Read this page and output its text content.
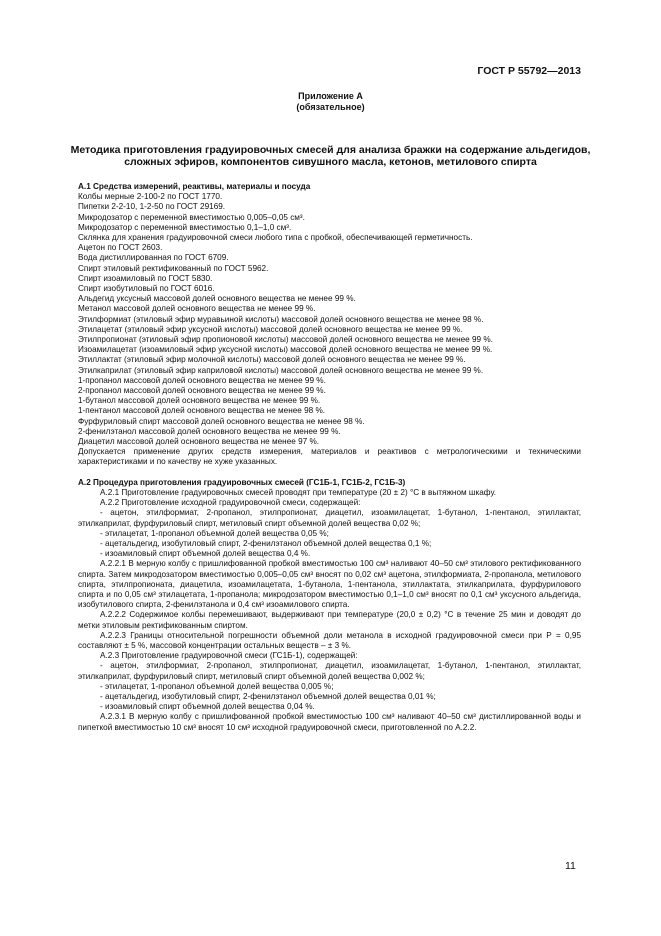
ГОСТ Р 55792—2013
Приложение А
(обязательное)
Методика приготовления градуировочных смесей для анализа бражки на содержание альдегидов, сложных эфиров, компонентов сивушного масла, кетонов, метилового спирта

А.1 Средства измерений, реактивы, материалы и посуда

Колбы мерные 2-100-2 по ГОСТ 1770.

Пипетки 2-2-10, 1-2-50 по ГОСТ 29169.

Микродозатор с переменной вместимостью 0,005–0,05 см³.

Микродозатор с переменной вместимостью 0,1–1,0 см³.

Склянка для хранения градуировочной смеси любого типа с пробкой, обеспечивающей герметичность.

Ацетон по ГОСТ 2603.

Вода дистиллированная по ГОСТ 6709.

Спирт этиловый ректификованный по ГОСТ 5962.

Спирт изоамиловый по ГОСТ 5830.

Спирт изобутиловый по ГОСТ 6016.

Альдегид уксусный массовой долей основного вещества не менее 99 %.

Метанол массовой долей основного вещества не менее 99 %.

Этилформиат (этиловый эфир муравьиной кислоты) массовой долей основного вещества не менее 98 %.

Этилацетат (этиловый эфир уксусной кислоты) массовой долей основного вещества не менее 99 %.

Этилпропионат (этиловый эфир пропионовой кислоты) массовой долей основного вещества не менее 99 %.

Изоамилацетат (изоамиловый эфир уксусной кислоты) массовой долей основного вещества не менее 99 %.

Этиллактат (этиловый эфир молочной кислоты) массовой долей основного вещества не менее 99 %.

Этилкаприлат (этиловый эфир каприловой кислоты) массовой долей основного вещества не менее 99 %.

1-пропанол массовой долей основного вещества не менее 99 %.

2-пропанол массовой долей основного вещества не менее 99 %.

1-бутанол массовой долей основного вещества не менее 99 %.

1-пентанол массовой долей основного вещества не менее 98 %.

Фурфуриловый спирт массовой долей основного вещества не менее 98 %.

2-фенилэтанол массовой долей основного вещества не менее 99 %.

Диацетил массовой долей основного вещества не менее 97 %.

Допускается применение других средств измерения, материалов и реактивов с метрологическими и техническими характеристиками и по качеству не хуже указанных.

А.2 Процедура приготовления градуировочных смесей (ГС1Б-1, ГС1Б-2, ГС1Б-3)

А.2.1 Приготовление градуировочных смесей проводят при температуре (20 ± 2) °С в вытяжном шкафу.

А.2.2 Приготовление исходной градуировочной смеси, содержащей:

- ацетон, этилформиат, 2-пропанол, этилпропионат, диацетил, изоамилацетат, 1-бутанол, 1-пентанол, этиллактат, этилкаприлат, фурфуриловый спирт, метиловый спирт объемной долей вещества 0,02 %;

- этилацетат, 1-пропанол объемной долей вещества 0,05 %;

- ацетальдегид, изобутиловый спирт, 2-фенилэтанол объемной долей вещества 0,1 %;

- изоамиловый спирт объемной долей вещества 0,4 %.

А.2.2.1 В мерную колбу с пришлифованной пробкой вместимостью 100 см³ наливают 40–50 см³ этилового ректификованного спирта. Затем микродозатором вместимостью 0,005–0,05 см³ вносят по 0,02 см³ ацетона, этилформиата, 2-пропанола, метилового спирта, этилпропионата, диацетила, изоамилацетата, 1-бутанола, 1-пентанола, этиллактата, этилкаприлата, фурфурилового спирта и по 0,05 см³ этилацетата, 1-пропанола; микродозатором вместимостью 0,1–1,0 см³ вносят по 0,1 см³ уксусного альдегида, изобутилового спирта, 2-фенилэтанола и 0,4 см³ изоамилового спирта.

А.2.2.2 Содержимое колбы перемешивают, выдерживают при температуре (20,0 ± 0,2) °С в течение 25 мин и доводят до метки этиловым ректификованным спиртом.

А.2.2.3 Границы относительной погрешности объемной доли метанола в исходной градуировочной смеси при Р = 0,95 составляют ± 5 %, массовой концентрации остальных веществ – ± 3 %.

А.2.3 Приготовление градуировочной смеси (ГС1Б-1), содержащей:

- ацетон, этилформиат, 2-пропанол, этилпропионат, диацетил, изоамилацетат, 1-бутанол, 1-пентанол, этиллактат, этилкаприлат, фурфуриловый спирт, метиловый спирт объемной долей вещества 0,002 %;

- этилацетат, 1-пропанол объемной долей вещества 0,005 %;

- ацетальдегид, изобутиловый спирт, 2-фенилэтанол объемной долей вещества 0,01 %;

- изоамиловый спирт объемной долей вещества 0,04 %.

А.2.3.1 В мерную колбу с пришлифованной пробкой вместимостью 100 см³ наливают 40–50 см³ дистиллированной воды и пипеткой вместимостью 10 см³ вносят 10 см³ исходной градуировочной смеси, приготовленной по А.2.2.

11
